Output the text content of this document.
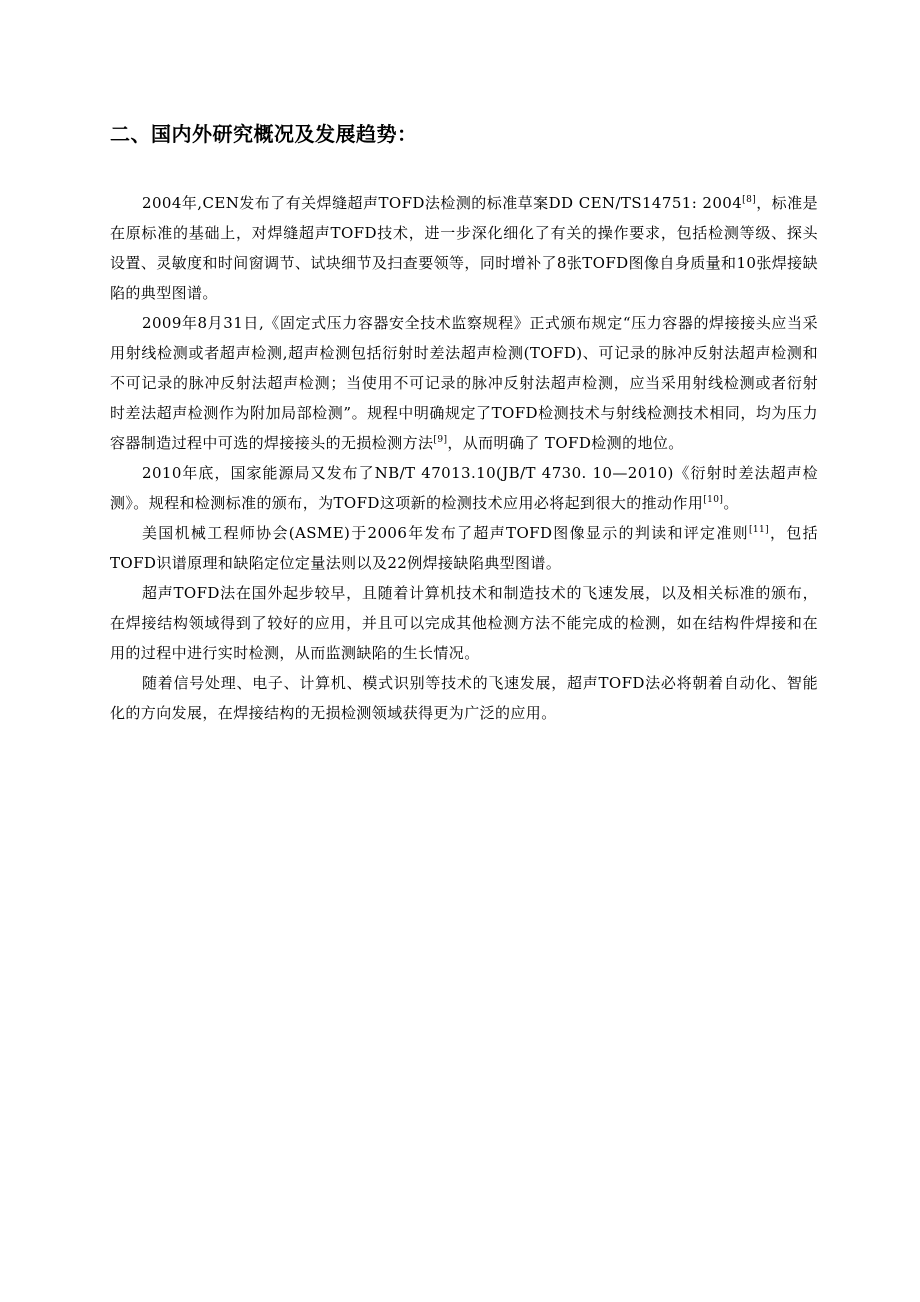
二、国内外研究概况及发展趋势：

2004年,CEN发布了有关焊缝超声TOFD法检测的标准草案DD CEN/TS14751: 2004[8]，标准是在原标准的基础上，对焊缝超声TOFD技术，进一步深化细化了有关的操作要求，包括检测等级、探头设置、灵敏度和时间窗调节、试块细节及扫查要领等，同时增补了8张TOFD图像自身质量和10张焊接缺陷的典型图谱。

2009年8月31日,《固定式压力容器安全技术监察规程》正式颁布规定“压力容器的焊接接头应当采用射线检测或者超声检测,超声检测包括衍射时差法超声检测(TOFD)、可记录的脉冲反射法超声检测和不可记录的脉冲反射法超声检测；当使用不可记录的脉冲反射法超声检测，应当采用射线检测或者衍射时差法超声检测作为附加局部检测”。规程中明确规定了TOFD检测技术与射线检测技术相同，均为压力容器制造过程中可选的焊接接头的无损检测方法[9]，从而明确了 TOFD检测的地位。

2010年底，国家能源局又发布了NB/T 47013.10(JB/T 4730. 10—2010)《衍射时差法超声检测》。规程和检测标准的颁布，为TOFD这项新的检测技术应用必将起到很大的推动作用[10]。

美国机械工程师协会(ASME)于2006年发布了超声TOFD图像显示的判读和评定准则[11]，包括TOFD识谱原理和缺陷定位定量法则以及22例焊接缺陷典型图谱。

超声TOFD法在国外起步较早，且随着计算机技术和制造技术的飞速发展，以及相关标准的颁布，在焊接结构领域得到了较好的应用，并且可以完成其他检测方法不能完成的检测，如在结构件焊接和在用的过程中进行实时检测，从而监测缺陷的生长情况。

随着信号处理、电子、计算机、模式识别等技术的飞速发展，超声TOFD法必将朝着自动化、智能化的方向发展，在焊接结构的无损检测领域获得更为广泛的应用。
